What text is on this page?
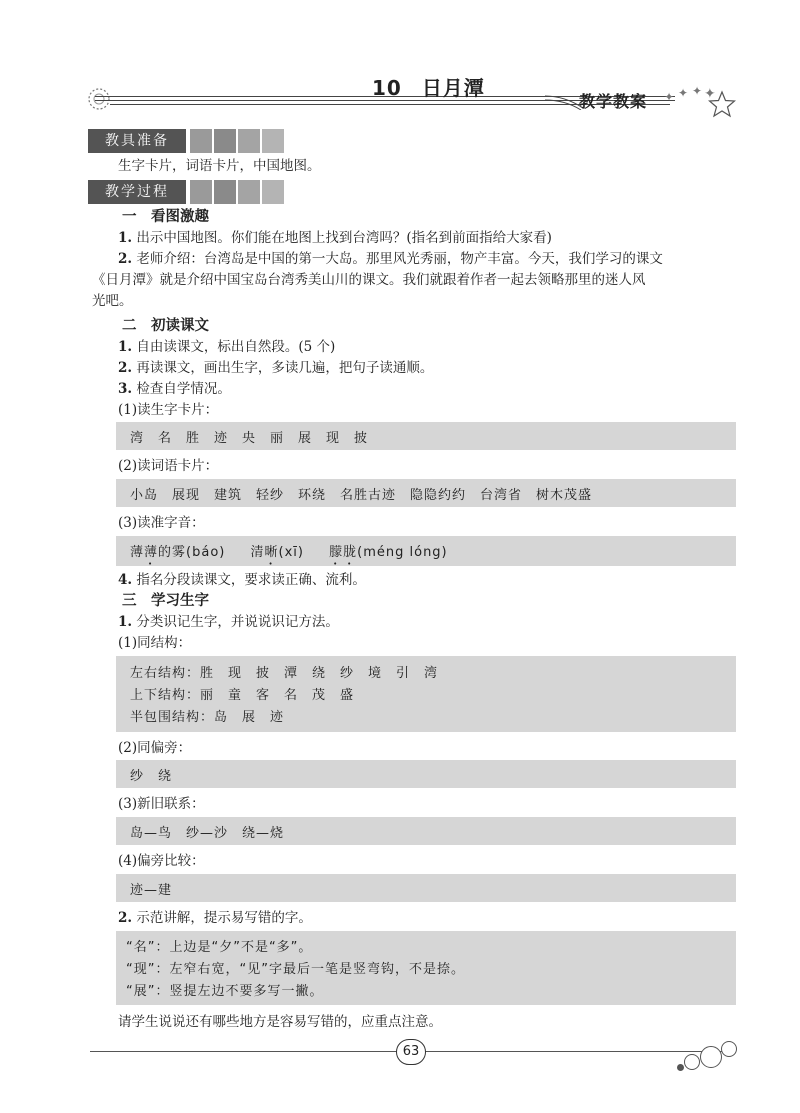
10 日月潭
教学教案 ✦ ✦ ✦ ✦
教具准备
生字卡片，词语卡片，中国地图。
教学过程
一　看图激趣
1. 出示中国地图。你们能在地图上找到台湾吗？(指名到前面指给大家看)
2. 老师介绍：台湾岛是中国的第一大岛。那里风光秀丽，物产丰富。今天，我们学习的课文
《日月潭》就是介绍中国宝岛台湾秀美山川的课文。我们就跟着作者一起去领略那里的迷人风
光吧。
二　初读课文
1. 自由读课文，标出自然段。(5 个)
2. 再读课文，画出生字，多读几遍，把句子读通顺。
3. 检查自学情况。
(1)读生字卡片：
湾　名　胜　迹　央　丽　展　现　披
(2)读词语卡片：
小岛　展现　建筑　轻纱　环绕　名胜古迹　隐隐约约　台湾省　树木茂盛
(3)读准字音：
薄薄的雾(báo) 清晰(xī) 朦胧(méng lóng)
4. 指名分段读课文，要求读正确、流利。
三　学习生字
1. 分类识记生字，并说说识记方法。
(1)同结构：
左右结构：胜　现　披　潭　绕　纱　境　引　湾
上下结构：丽　童　客　名　茂　盛
半包围结构：岛　展　迹
(2)同偏旁：
纱　绕
(3)新旧联系：
岛—鸟　纱—沙　绕—烧
(4)偏旁比较：
迹—建
2. 示范讲解，提示易写错的字。
“名”：上边是“夕”不是“多”。
“现”：左窄右宽，“见”字最后一笔是竖弯钩，不是捺。
“展”：竖提左边不要多写一撇。
请学生说说还有哪些地方是容易写错的，应重点注意。
63
